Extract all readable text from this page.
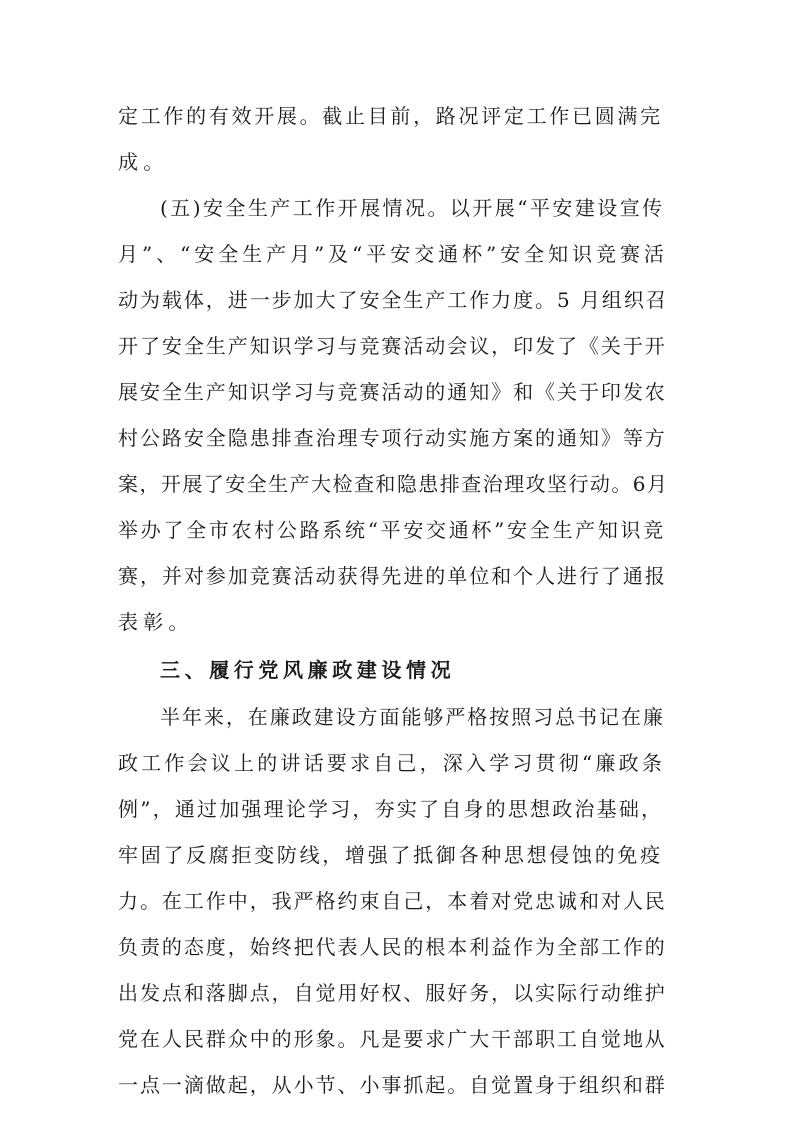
定工作的有效开展。截止目前，路况评定工作已圆满完
成。
(五)安全生产工作开展情况。以开展“平安建设宣传
月”、“安全生产月”及“平安交通杯”安全知识竞赛活
动为载体，进一步加大了安全生产工作力度。5 月组织召
开了安全生产知识学习与竞赛活动会议，印发了《关于开
展安全生产知识学习与竞赛活动的通知》和《关于印发农
村公路安全隐患排查治理专项行动实施方案的通知》等方
案，开展了安全生产大检查和隐患排查治理攻坚行动。6月
举办了全市农村公路系统“平安交通杯”安全生产知识竞
赛，并对参加竞赛活动获得先进的单位和个人进行了通报
表彰。
三、履行党风廉政建设情况
半年来，在廉政建设方面能够严格按照习总书记在廉
政工作会议上的讲话要求自己，深入学习贯彻“廉政条
例”，通过加强理论学习，夯实了自身的思想政治基础，
牢固了反腐拒变防线，增强了抵御各种思想侵蚀的免疫
力。在工作中，我严格约束自己，本着对党忠诚和对人民
负责的态度，始终把代表人民的根本利益作为全部工作的
出发点和落脚点，自觉用好权、服好务，以实际行动维护
党在人民群众中的形象。凡是要求广大干部职工自觉地从
一点一滴做起，从小节、小事抓起。自觉置身于组织和群
